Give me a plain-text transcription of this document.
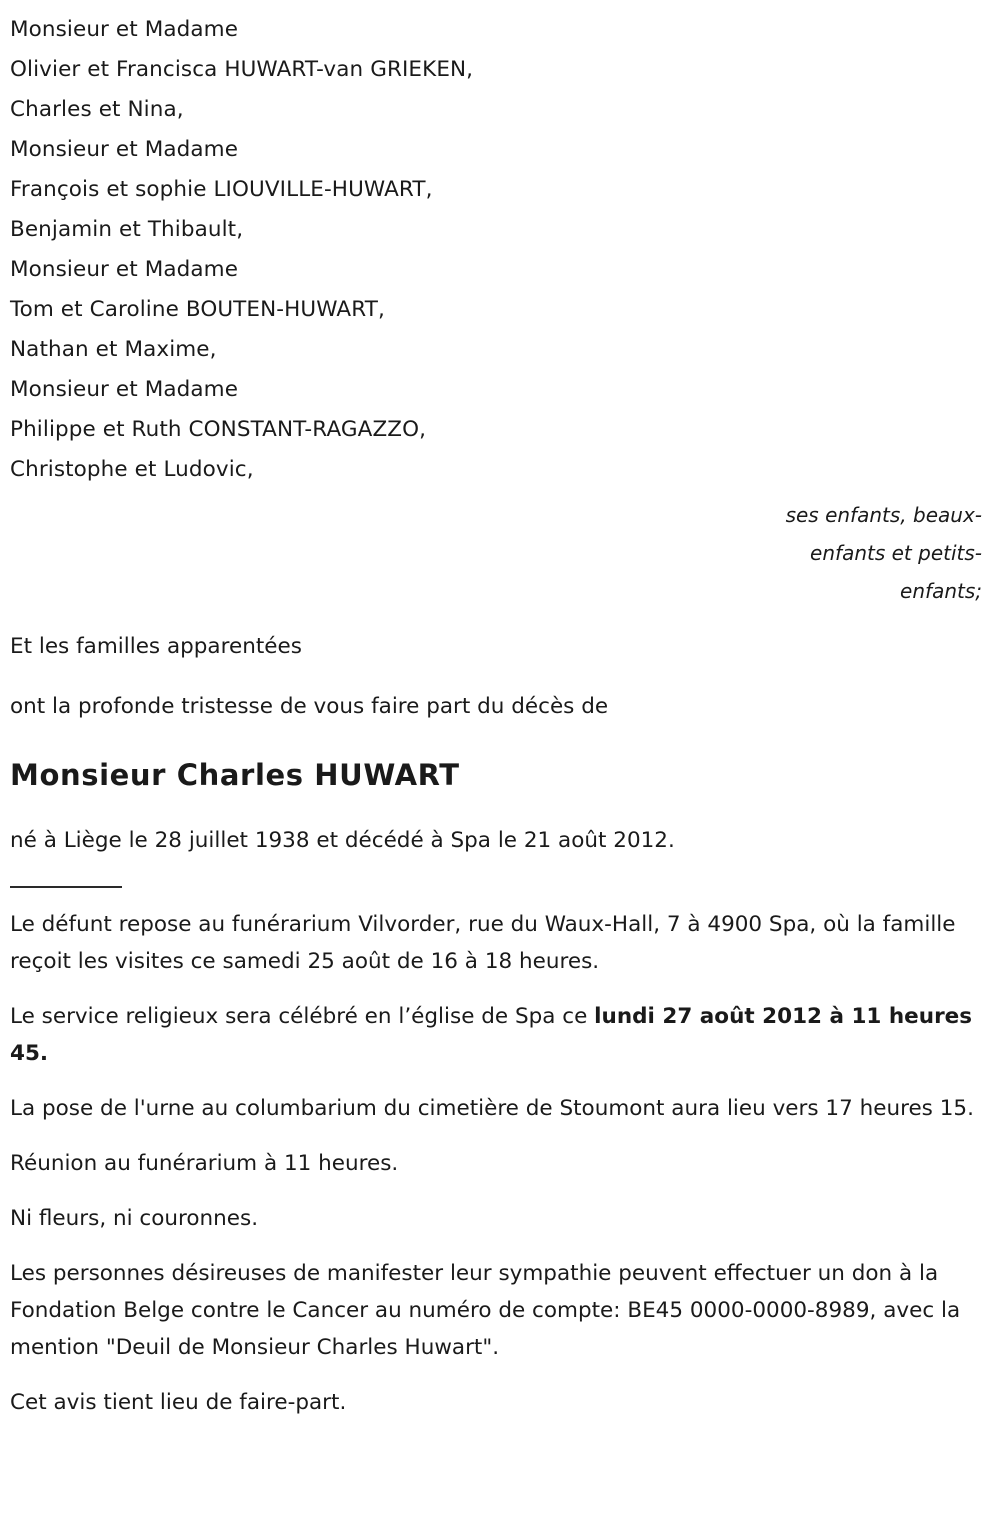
Monsieur et Madame
Olivier et Francisca HUWART-van GRIEKEN,
Charles et Nina,
Monsieur et Madame
François et sophie LIOUVILLE-HUWART,
Benjamin et Thibault,
Monsieur et Madame
Tom et Caroline BOUTEN-HUWART,
Nathan et Maxime,
Monsieur et Madame
Philippe et Ruth CONSTANT-RAGAZZO,
Christophe et Ludovic,
ses enfants, beaux-
enfants et petits-
enfants;
Et les familles apparentées
ont la profonde tristesse de vous faire part du décès de
Monsieur Charles HUWART
né à Liège le 28 juillet 1938 et décédé à Spa le 21 août 2012.
Le défunt repose au funérarium Vilvorder, rue du Waux-Hall, 7 à 4900 Spa, où la famille reçoit les visites ce samedi 25 août de 16 à 18 heures.
Le service religieux sera célébré en l’église de Spa ce lundi 27 août 2012 à 11 heures 45.
La pose de l'urne au columbarium du cimetière de Stoumont aura lieu vers 17 heures 15.
Réunion au funérarium à 11 heures.
Ni fleurs, ni couronnes.
Les personnes désireuses de manifester leur sympathie peuvent effectuer un don à la Fondation Belge contre le Cancer au numéro de compte: BE45 0000-0000-8989, avec la mention "Deuil de Monsieur Charles Huwart".
Cet avis tient lieu de faire-part.
